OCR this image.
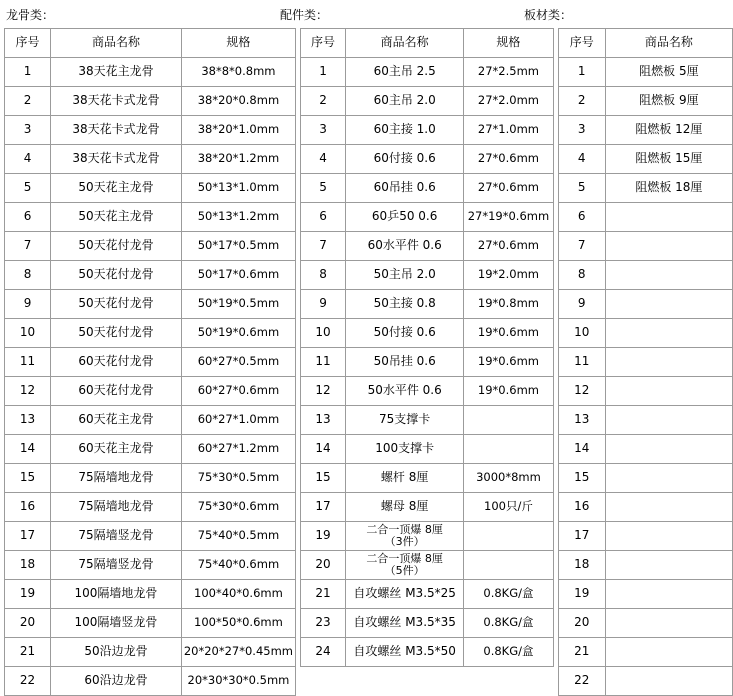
龙骨类：	配件类：	板材类：
序号	商品名称	规格
1	38天花主龙骨	38*8*0.8mm
2	38天花卡式龙骨	38*20*0.8mm
3	38天花卡式龙骨	38*20*1.0mm
4	38天花卡式龙骨	38*20*1.2mm
5	50天花主龙骨	50*13*1.0mm
6	50天花主龙骨	50*13*1.2mm
7	50天花付龙骨	50*17*0.5mm
8	50天花付龙骨	50*17*0.6mm
9	50天花付龙骨	50*19*0.5mm
10	50天花付龙骨	50*19*0.6mm
11	60天花付龙骨	60*27*0.5mm
12	60天花付龙骨	60*27*0.6mm
13	60天花主龙骨	60*27*1.0mm
14	60天花主龙骨	60*27*1.2mm
15	75隔墙地龙骨	75*30*0.5mm
16	75隔墙地龙骨	75*30*0.6mm
17	75隔墙竖龙骨	75*40*0.5mm
18	75隔墙竖龙骨	75*40*0.6mm
19	100隔墙地龙骨	100*40*0.6mm
20	100隔墙竖龙骨	100*50*0.6mm
21	50沿边龙骨	20*20*27*0.45mm
22	60沿边龙骨	20*30*30*0.5mm
序号	商品名称	规格
1	60主吊 2.5	27*2.5mm
2	60主吊 2.0	27*2.0mm
3	60主接 1.0	27*1.0mm
4	60付接 0.6	27*0.6mm
5	60吊挂 0.6	27*0.6mm
6	60乒50 0.6	27*19*0.6mm
7	60水平件 0.6	27*0.6mm
8	50主吊 2.0	19*2.0mm
9	50主接 0.8	19*0.8mm
10	50付接 0.6	19*0.6mm
11	50吊挂 0.6	19*0.6mm
12	50水平件 0.6	19*0.6mm
13	75支撑卡	
14	100支撑卡	
15	螺杆 8厘	3000*8mm
17	螺母 8厘	100只/斤
19	二合一顶爆 8厘
（3件）	
20	二合一顶爆 8厘
（5件）	
21	自攻螺丝 M3.5*25	0.8KG/盒
23	自攻螺丝 M3.5*35	0.8KG/盒
24	自攻螺丝 M3.5*50	0.8KG/盒
序号	商品名称
1	阻燃板 5厘
2	阻燃板 9厘
3	阻燃板 12厘
4	阻燃板 15厘
5	阻燃板 18厘
6	
7	
8	
9	
10	
11	
12	
13	
14	
15	
16	
17	
18	
19	
20	
21	
22	
